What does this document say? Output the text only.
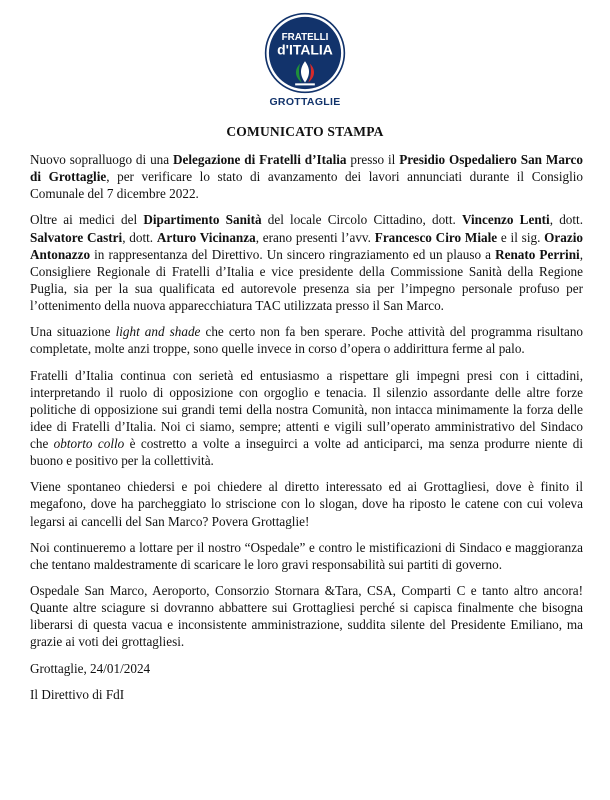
FRATELLI
d'ITALIA
GROTTAGLIE
COMUNICATO STAMPA

Nuovo sopralluogo di una Delegazione di Fratelli d’Italia presso il Presidio Ospedaliero San Marco di Grottaglie, per verificare lo stato di avanzamento dei lavori annunciati durante il Consiglio Comunale del 7 dicembre 2022.

Oltre ai medici del Dipartimento Sanità del locale Circolo Cittadino, dott. Vincenzo Lenti, dott. Salvatore Castri, dott. Arturo Vicinanza, erano presenti l’avv. Francesco Ciro Miale e il sig. Orazio Antonazzo in rappresentanza del Direttivo. Un sincero ringraziamento ed un plauso a Renato Perrini, Consigliere Regionale di Fratelli d’Italia e vice presidente della Commissione Sanità della Regione Puglia, sia per la sua qualificata ed autorevole presenza sia per l’impegno personale profuso per l’ottenimento della nuova apparecchiatura TAC utilizzata presso il San Marco.

Una situazione light and shade che certo non fa ben sperare. Poche attività del programma risultano completate, molte anzi troppe, sono quelle invece in corso d’opera o addirittura ferme al palo.

Fratelli d’Italia continua con serietà ed entusiasmo a rispettare gli impegni presi con i cittadini, interpretando il ruolo di opposizione con orgoglio e tenacia. Il silenzio assordante delle altre forze politiche di opposizione sui grandi temi della nostra Comunità, non intacca minimamente la forza delle idee di Fratelli d’Italia. Noi ci siamo, sempre; attenti e vigili sull’operato amministrativo del Sindaco che obtorto collo è costretto a volte a inseguirci a volte ad anticiparci, ma senza produrre niente di buono e positivo per la collettività.

Viene spontaneo chiedersi e poi chiedere al diretto interessato ed ai Grottagliesi, dove è finito il megafono, dove ha parcheggiato lo striscione con lo slogan, dove ha riposto le catene con cui voleva legarsi ai cancelli del San Marco? Povera Grottaglie!

Noi continueremo a lottare per il nostro “Ospedale” e contro le mistificazioni di Sindaco e maggioranza che tentano maldestramente di scaricare le loro gravi responsabilità sui partiti di governo.

Ospedale San Marco, Aeroporto, Consorzio Stornara &Tara, CSA, Comparti C e tanto altro ancora! Quante altre sciagure si dovranno abbattere sui Grottagliesi perché si capisca finalmente che bisogna liberarsi di questa vacua e inconsistente amministrazione, suddita silente del Presidente Emiliano, ma grazie ai voti dei grottagliesi.

Grottaglie, 24/01/2024

Il Direttivo di FdI
